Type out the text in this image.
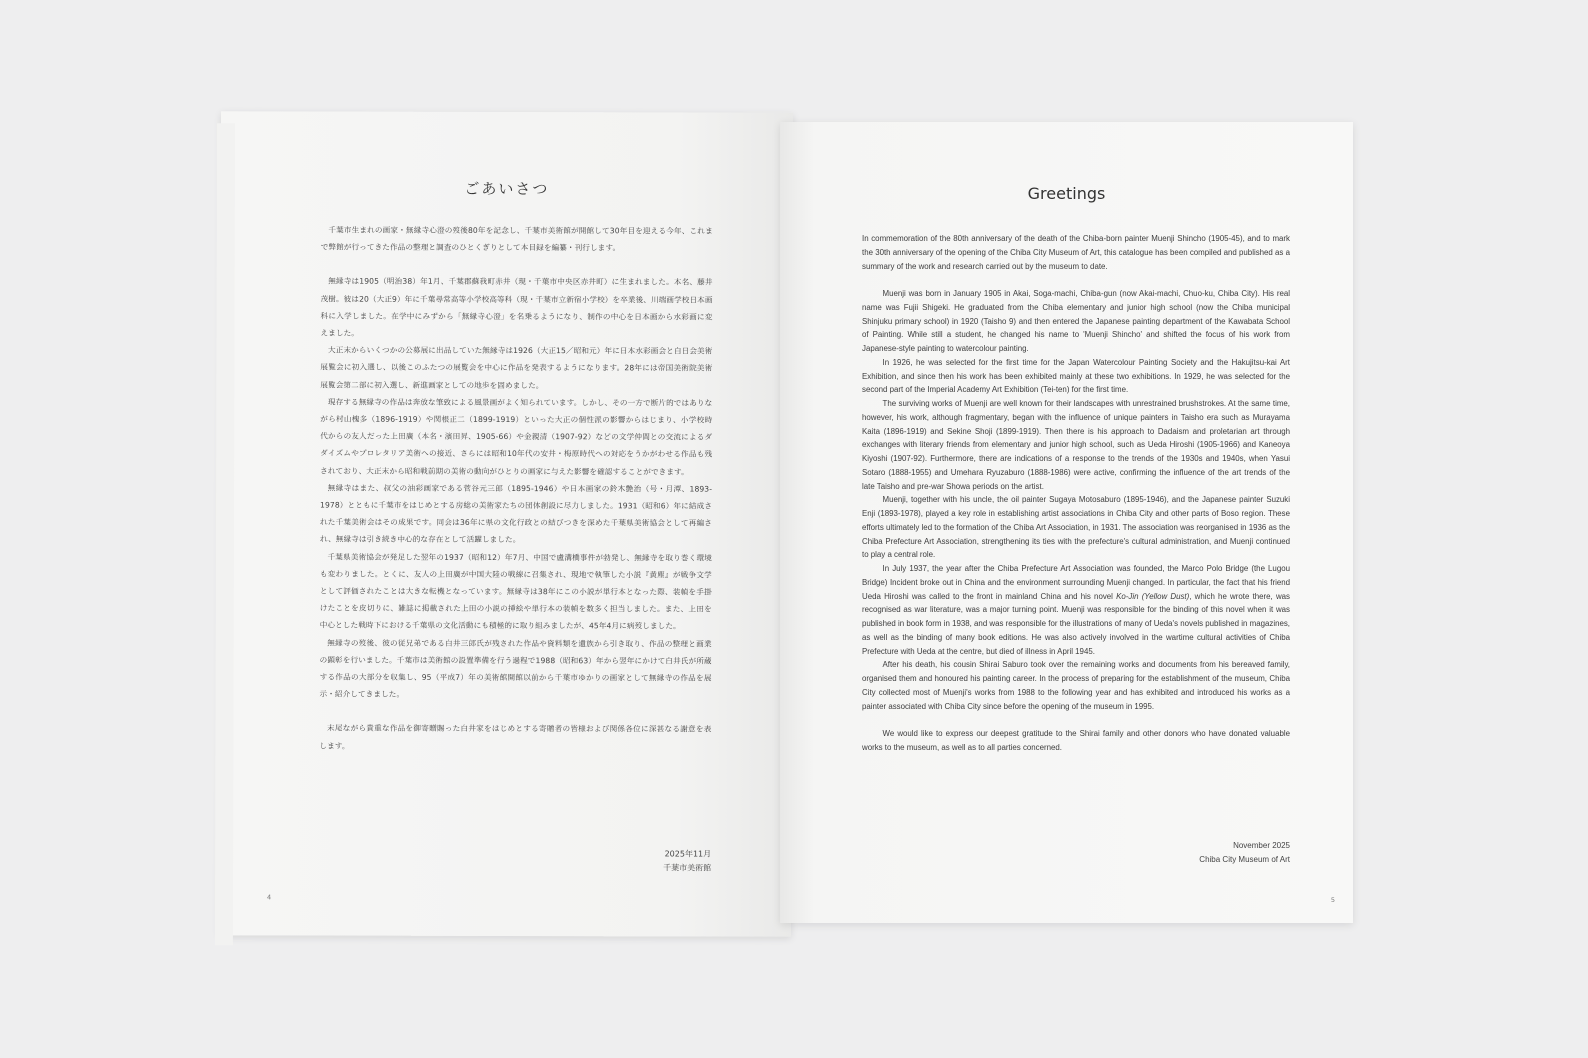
ごあいさつ

千葉市生まれの画家・無縁寺心澄の歿後80年を記念し、千葉市美術館が開館して30年目を迎える今年、これまで弊館が行ってきた作品の整理と調査のひとくぎりとして本目録を編纂・刊行します。

無縁寺は1905（明治38）年1月、千葉郡蘇我町赤井（現・千葉市中央区赤井町）に生まれました。本名、藤井茂樹。彼は20（大正9）年に千葉尋常高等小学校高等科（現・千葉市立新宿小学校）を卒業後、川端画学校日本画科に入学しました。在学中にみずから「無縁寺心澄」を名乗るようになり、制作の中心を日本画から水彩画に変えました。

大正末からいくつかの公募展に出品していた無縁寺は1926（大正15／昭和元）年に日本水彩画会と白日会美術展覧会に初入選し、以後このふたつの展覧会を中心に作品を発表するようになります。28年には帝国美術院美術展覧会第二部に初入選し、新進画家としての地歩を固めました。

現存する無縁寺の作品は奔放な筆致による風景画がよく知られています。しかし、その一方で断片的ではありながら村山槐多（1896-1919）や関根正二（1899-1919）といった大正の個性派の影響からはじまり、小学校時代からの友人だった上田廣（本名・濱田昇、1905-66）や金親清（1907-92）などの文学仲間との交流によるダダイズムやプロレタリア美術への接近、さらには昭和10年代の安井・梅原時代への対応をうかがわせる作品も残されており、大正末から昭和戦前期の美術の動向がひとりの画家に与えた影響を確認することができます。

無縁寺はまた、叔父の油彩画家である菅谷元三郎（1895-1946）や日本画家の鈴木艶治（号・月潭、1893-1978）とともに千葉市をはじめとする房総の美術家たちの団体創設に尽力しました。1931（昭和6）年に結成された千葉美術会はその成果です。同会は36年に県の文化行政との結びつきを深めた千葉県美術協会として再編され、無縁寺は引き続き中心的な存在として活躍しました。

千葉県美術協会が発足した翌年の1937（昭和12）年7月、中国で盧溝橋事件が勃発し、無縁寺を取り巻く環境も変わりました。とくに、友人の上田廣が中国大陸の戦線に召集され、現地で執筆した小説『黄塵』が戦争文学として評価されたことは大きな転機となっています。無縁寺は38年にこの小説が単行本となった際、装幀を手掛けたことを皮切りに、雑誌に掲載された上田の小説の挿絵や単行本の装幀を数多く担当しました。また、上田を中心とした戦時下における千葉県の文化活動にも積極的に取り組みましたが、45年4月に病歿しました。

無縁寺の歿後、彼の従兄弟である白井三郎氏が残された作品や資料類を遺族から引き取り、作品の整理と画業の顕彰を行いました。千葉市は美術館の設置準備を行う過程で1988（昭和63）年から翌年にかけて白井氏が所蔵する作品の大部分を収集し、95（平成7）年の美術館開館以前から千葉市ゆかりの画家として無縁寺の作品を展示・紹介してきました。

末尾ながら貴重な作品を御寄贈賜った白井家をはじめとする寄贈者の皆様および関係各位に深甚なる謝意を表します。

2025年11月
千葉市美術館
4
Greetings

In commemoration of the 80th anniversary of the death of the Chiba-born painter Muenji Shincho (1905-45), and to mark the 30th anniversary of the opening of the Chiba City Museum of Art, this catalogue has been compiled and published as a summary of the work and research carried out by the museum to date.

Muenji was born in January 1905 in Akai, Soga-machi, Chiba-gun (now Akai-machi, Chuo-ku, Chiba City). His real name was Fujii Shigeki. He graduated from the Chiba elementary and junior high school (now the Chiba municipal Shinjuku primary school) in 1920 (Taisho 9) and then entered the Japanese painting department of the Kawabata School of Painting. While still a student, he changed his name to 'Muenji Shincho' and shifted the focus of his work from Japanese-style painting to watercolour painting.

In 1926, he was selected for the first time for the Japan Watercolour Painting Society and the Hakujitsu-kai Art Exhibition, and since then his work has been exhibited mainly at these two exhibitions. In 1929, he was selected for the second part of the Imperial Academy Art Exhibition (Tei-ten) for the first time.

The surviving works of Muenji are well known for their landscapes with unrestrained brushstrokes. At the same time, however, his work, although fragmentary, began with the influence of unique painters in Taisho era such as Murayama Kaita (1896-1919) and Sekine Shoji (1899-1919). Then there is his approach to Dadaism and proletarian art through exchanges with literary friends from elementary and junior high school, such as Ueda Hiroshi (1905-1966) and Kaneoya Kiyoshi (1907-92). Furthermore, there are indications of a response to the trends of the 1930s and 1940s, when Yasui Sotaro (1888-1955) and Umehara Ryuzaburo (1888-1986) were active, confirming the influence of the art trends of the late Taisho and pre-war Showa periods on the artist.

Muenji, together with his uncle, the oil painter Sugaya Motosaburo (1895-1946), and the Japanese painter Suzuki Enji (1893-1978), played a key role in establishing artist associations in Chiba City and other parts of Boso region. These efforts ultimately led to the formation of the Chiba Art Association, in 1931. The association was reorganised in 1936 as the Chiba Prefecture Art Association, strengthening its ties with the prefecture's cultural administration, and Muenji continued to play a central role.

In July 1937, the year after the Chiba Prefecture Art Association was founded, the Marco Polo Bridge (the Lugou Bridge) Incident broke out in China and the environment surrounding Muenji changed. In particular, the fact that his friend Ueda Hiroshi was called to the front in mainland China and his novel Ko-Jin (Yellow Dust), which he wrote there, was recognised as war literature, was a major turning point. Muenji was responsible for the binding of this novel when it was published in book form in 1938, and was responsible for the illustrations of many of Ueda's novels published in magazines, as well as the binding of many book editions. He was also actively involved in the wartime cultural activities of Chiba Prefecture with Ueda at the centre, but died of illness in April 1945.

After his death, his cousin Shirai Saburo took over the remaining works and documents from his bereaved family, organised them and honoured his painting career. In the process of preparing for the establishment of the museum, Chiba City collected most of Muenji's works from 1988 to the following year and has exhibited and introduced his works as a painter associated with Chiba City since before the opening of the museum in 1995.

We would like to express our deepest gratitude to the Shirai family and other donors who have donated valuable works to the museum, as well as to all parties concerned.

November 2025
Chiba City Museum of Art
5
